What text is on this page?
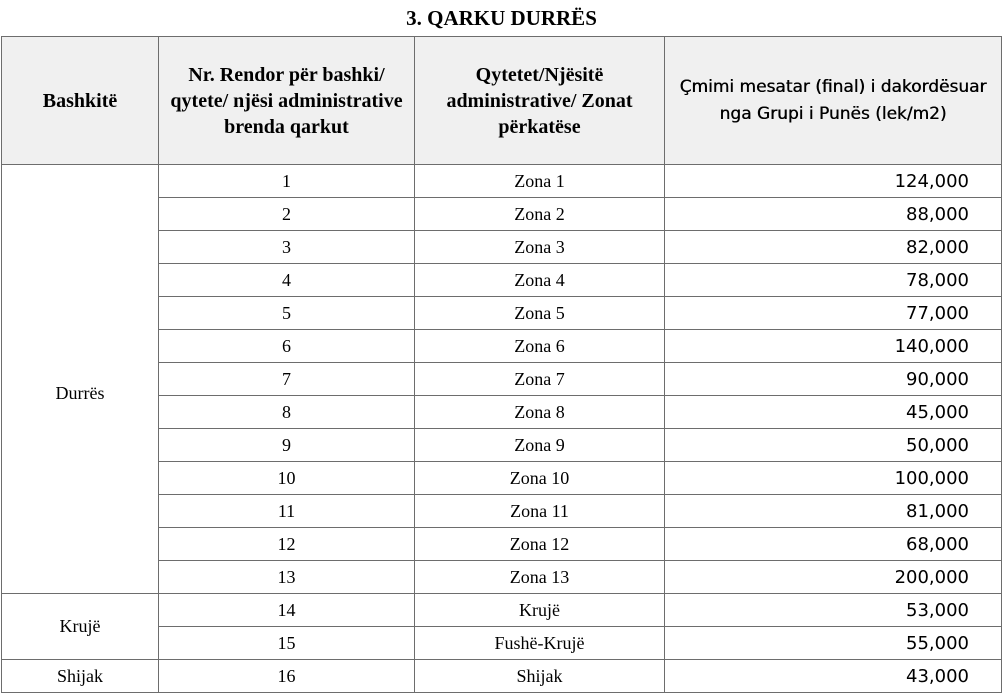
3. QARKU DURRËS
Bashkitë	Nr. Rendor për bashki/ qytete/ njësi administrative brenda qarkut	Qytetet/Njësitë administrative/ Zonat përkatëse	Çmimi mesatar (final) i dakordësuar nga Grupi i Punës (lek/m2)
Durrës	1	Zona 1	124,000
	2	Zona 2	88,000
	3	Zona 3	82,000
	4	Zona 4	78,000
	5	Zona 5	77,000
	6	Zona 6	140,000
	7	Zona 7	90,000
	8	Zona 8	45,000
	9	Zona 9	50,000
	10	Zona 10	100,000
	11	Zona 11	81,000
	12	Zona 12	68,000
	13	Zona 13	200,000
Krujë	14	Krujë	53,000
	15	Fushë-Krujë	55,000
Shijak	16	Shijak	43,000
